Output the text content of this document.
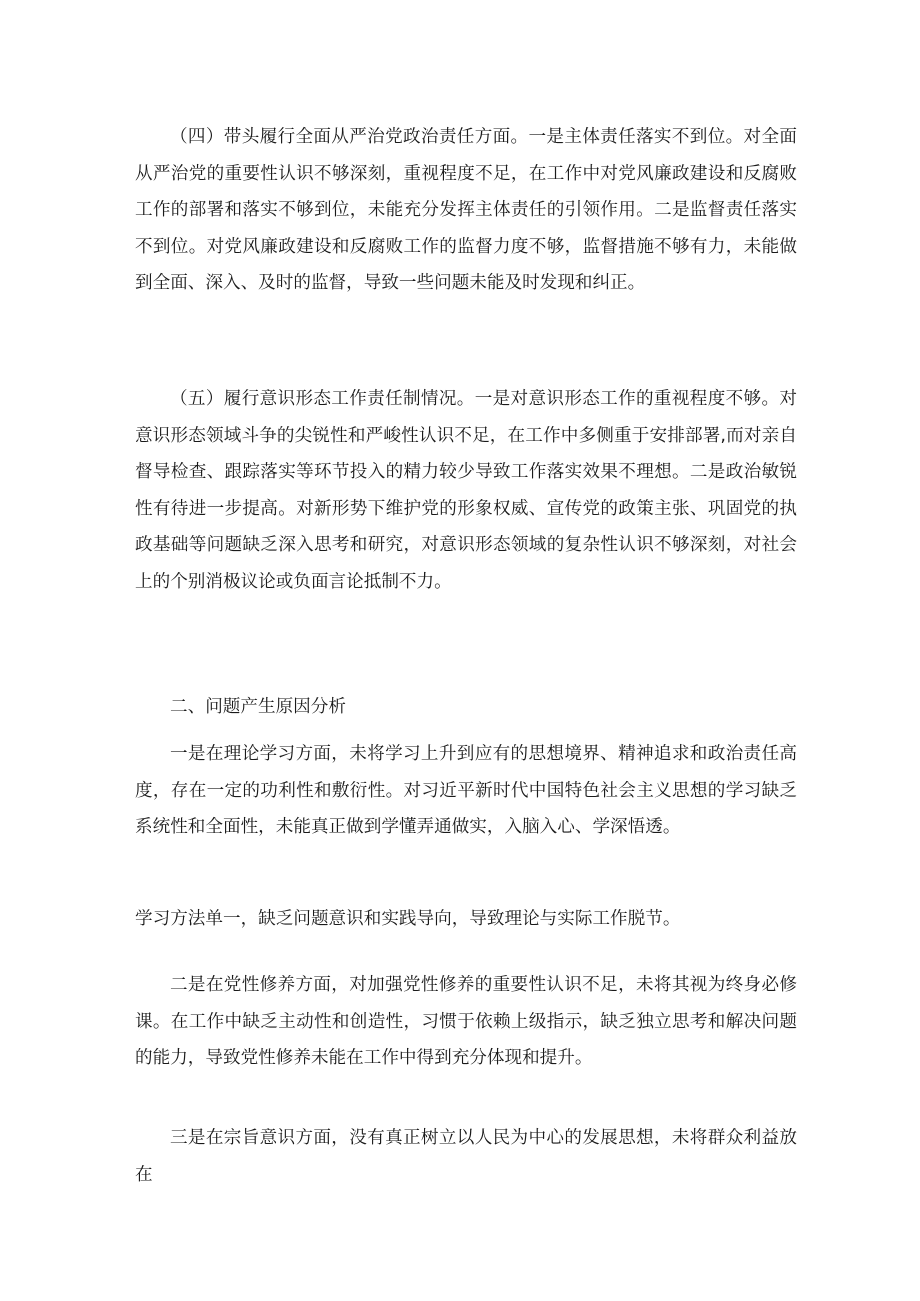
（四）带头履行全面从严治党政治责任方面。一是主体责任落实不到位。对全面从严治党的重要性认识不够深刻，重视程度不足，在工作中对党风廉政建设和反腐败工作的部署和落实不够到位，未能充分发挥主体责任的引领作用。二是监督责任落实不到位。对党风廉政建设和反腐败工作的监督力度不够，监督措施不够有力，未能做到全面、深入、及时的监督，导致一些问题未能及时发现和纠正。

（五）履行意识形态工作责任制情况。一是对意识形态工作的重视程度不够。对意识形态领域斗争的尖锐性和严峻性认识不足，在工作中多侧重于安排部署,而对亲自督导检查、跟踪落实等环节投入的精力较少导致工作落实效果不理想。二是政治敏锐性有待进一步提高。对新形势下维护党的形象权威、宣传党的政策主张、巩固党的执政基础等问题缺乏深入思考和研究，对意识形态领域的复杂性认识不够深刻，对社会上的个别消极议论或负面言论抵制不力。

二、问题产生原因分析

一是在理论学习方面，未将学习上升到应有的思想境界、精神追求和政治责任高度，存在一定的功利性和敷衍性。对习近平新时代中国特色社会主义思想的学习缺乏系统性和全面性，未能真正做到学懂弄通做实，入脑入心、学深悟透。

学习方法单一，缺乏问题意识和实践导向，导致理论与实际工作脱节。

二是在党性修养方面，对加强党性修养的重要性认识不足，未将其视为终身必修课。在工作中缺乏主动性和创造性，习惯于依赖上级指示，缺乏独立思考和解决问题的能力，导致党性修养未能在工作中得到充分体现和提升。

三是在宗旨意识方面，没有真正树立以人民为中心的发展思想，未将群众利益放在
